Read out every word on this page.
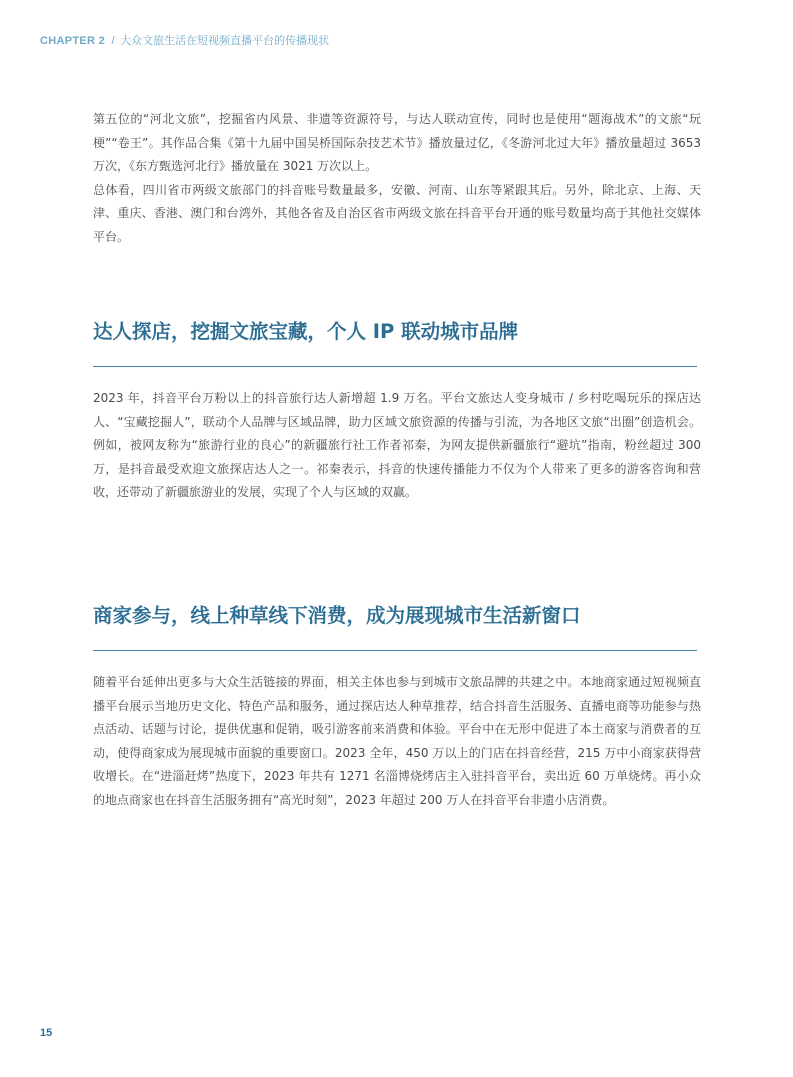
CHAPTER 2 / 大众文旅生活在短视频直播平台的传播现状

第五位的“河北文旅”，挖掘省内风景、非遗等资源符号，与达人联动宣传，同时也是使用“题海战术”的文旅“玩梗”“卷王”。其作品合集《第十九届中国吴桥国际杂技艺术节》播放量过亿，《冬游河北过大年》播放量超过 3653 万次，《东方甄选河北行》播放量在 3021 万次以上。

总体看，四川省市两级文旅部门的抖音账号数量最多，安徽、河南、山东等紧跟其后。另外，除北京、上海、天津、重庆、香港、澳门和台湾外，其他各省及自治区省市两级文旅在抖音平台开通的账号数量均高于其他社交媒体平台。

达人探店，挖掘文旅宝藏，个人 IP 联动城市品牌

2023 年，抖音平台万粉以上的抖音旅行达人新增超 1.9 万名。平台文旅达人变身城市 / 乡村吃喝玩乐的探店达人、“宝藏挖掘人”，联动个人品牌与区域品牌，助力区域文旅资源的传播与引流，为各地区文旅“出圈”创造机会。例如，被网友称为“旅游行业的良心”的新疆旅行社工作者祁秦，为网友提供新疆旅行“避坑”指南，粉丝超过 300 万，是抖音最受欢迎文旅探店达人之一。祁秦表示，抖音的快速传播能力不仅为个人带来了更多的游客咨询和营收，还带动了新疆旅游业的发展，实现了个人与区域的双赢。

商家参与，线上种草线下消费，成为展现城市生活新窗口

随着平台延伸出更多与大众生活链接的界面，相关主体也参与到城市文旅品牌的共建之中。本地商家通过短视频直播平台展示当地历史文化、特色产品和服务，通过探店达人种草推荐，结合抖音生活服务、直播电商等功能参与热点活动、话题与讨论，提供优惠和促销，吸引游客前来消费和体验。平台中在无形中促进了本土商家与消费者的互动，使得商家成为展现城市面貌的重要窗口。2023 全年，450 万以上的门店在抖音经营，215 万中小商家获得营收增长。在“进淄赶烤”热度下，2023 年共有 1271 名淄博烧烤店主入驻抖音平台，卖出近 60 万单烧烤。再小众的地点商家也在抖音生活服务拥有“高光时刻”，2023 年超过 200 万人在抖音平台非遗小店消费。

15
